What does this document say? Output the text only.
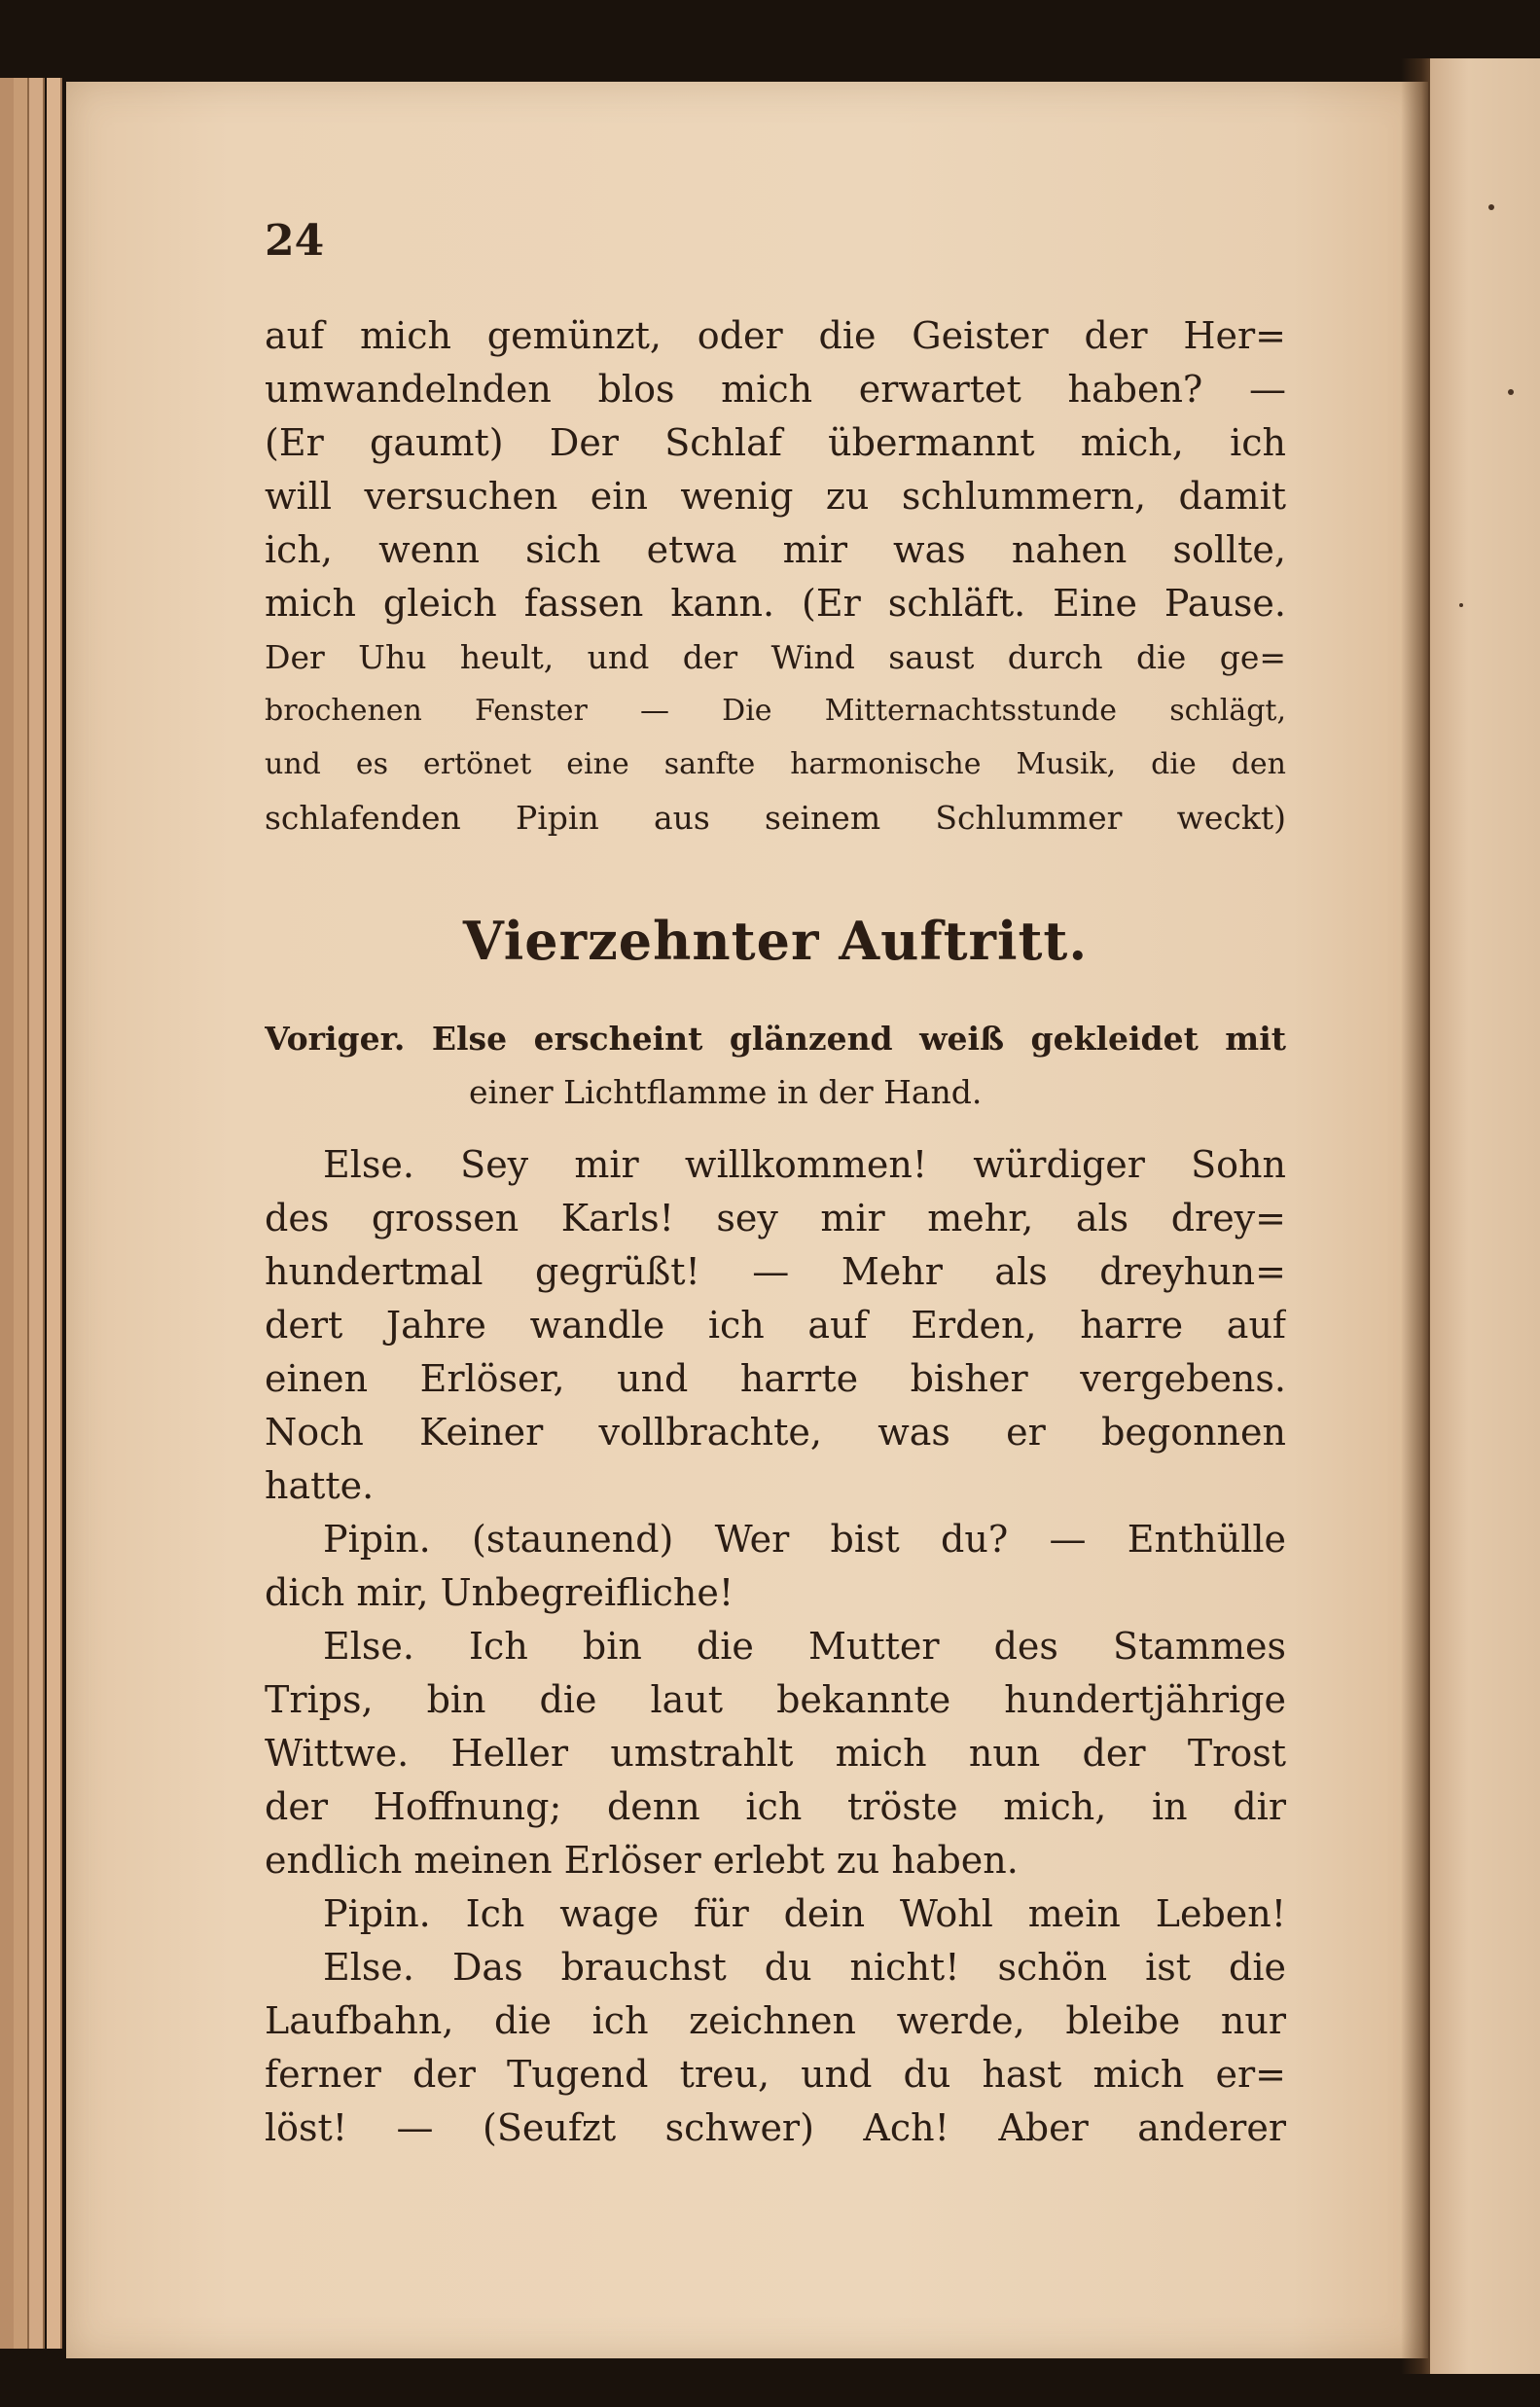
24
auf mich gemünzt, oder die Geister der Her=
umwandelnden blos mich erwartet haben? —
(Er gaumt) Der Schlaf übermannt mich, ich
will versuchen ein wenig zu schlummern, damit
ich, wenn sich etwa mir was nahen sollte,
mich gleich fassen kann. (Er schläft. Eine Pause.
Der Uhu heult, und der Wind saust durch die ge=
brochenen Fenster — Die Mitternachtsstunde schlägt,
und es ertönet eine sanfte harmonische Musik, die den
schlafenden Pipin aus seinem Schlummer weckt)
Vierzehnter Auftritt.
Voriger. Else erscheint glänzend weiß gekleidet mit
einer Lichtflamme in der Hand.
Else. Sey mir willkommen! würdiger Sohn
des grossen Karls! sey mir mehr, als drey=
hundertmal gegrüßt! — Mehr als dreyhun=
dert Jahre wandle ich auf Erden, harre auf
einen Erlöser, und harrte bisher vergebens.
Noch Keiner vollbrachte, was er begonnen
hatte.
Pipin. (staunend) Wer bist du? — Enthülle
dich mir, Unbegreifliche!
Else. Ich bin die Mutter des Stammes
Trips, bin die laut bekannte hundertjährige
Wittwe. Heller umstrahlt mich nun der Trost
der Hoffnung; denn ich tröste mich, in dir
endlich meinen Erlöser erlebt zu haben.
Pipin. Ich wage für dein Wohl mein Leben!
Else. Das brauchst du nicht! schön ist die
Laufbahn, die ich zeichnen werde, bleibe nur
ferner der Tugend treu, und du hast mich er=
löst! — (Seufzt schwer) Ach! Aber anderer
